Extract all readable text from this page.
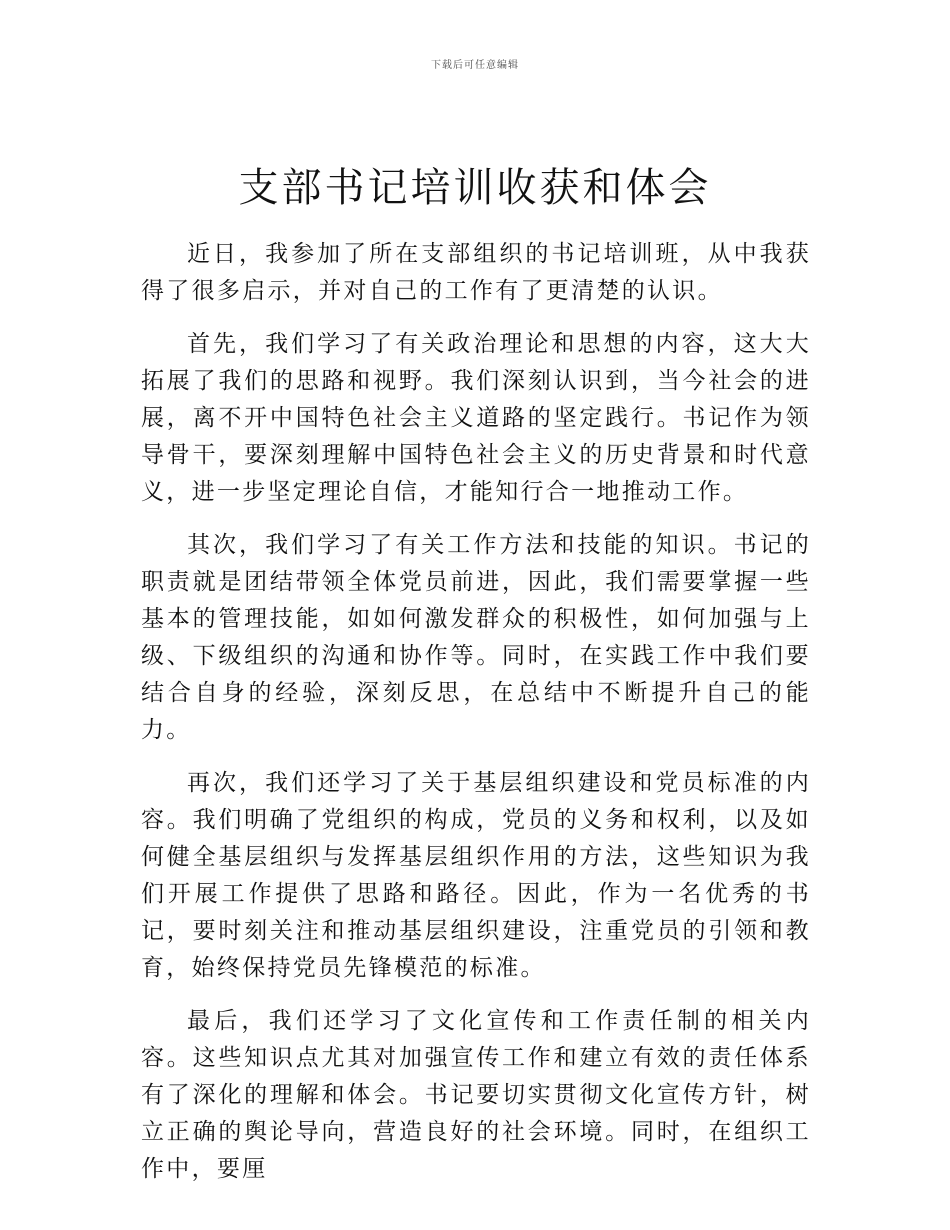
下载后可任意编辑
支部书记培训收获和体会

近日，我参加了所在支部组织的书记培训班，从中我获得了很多启示，并对自己的工作有了更清楚的认识。

首先，我们学习了有关政治理论和思想的内容，这大大拓展了我们的思路和视野。我们深刻认识到，当今社会的进展，离不开中国特色社会主义道路的坚定践行。书记作为领导骨干，要深刻理解中国特色社会主义的历史背景和时代意义，进一步坚定理论自信，才能知行合一地推动工作。

其次，我们学习了有关工作方法和技能的知识。书记的职责就是团结带领全体党员前进，因此，我们需要掌握一些基本的管理技能，如如何激发群众的积极性，如何加强与上级、下级组织的沟通和协作等。同时，在实践工作中我们要结合自身的经验，深刻反思，在总结中不断提升自己的能力。

再次，我们还学习了关于基层组织建设和党员标准的内容。我们明确了党组织的构成，党员的义务和权利，以及如何健全基层组织与发挥基层组织作用的方法，这些知识为我们开展工作提供了思路和路径。因此，作为一名优秀的书记，要时刻关注和推动基层组织建设，注重党员的引领和教育，始终保持党员先锋模范的标准。

最后，我们还学习了文化宣传和工作责任制的相关内容。这些知识点尤其对加强宣传工作和建立有效的责任体系有了深化的理解和体会。书记要切实贯彻文化宣传方针，树立正确的舆论导向，营造良好的社会环境。同时，在组织工作中，要厘
